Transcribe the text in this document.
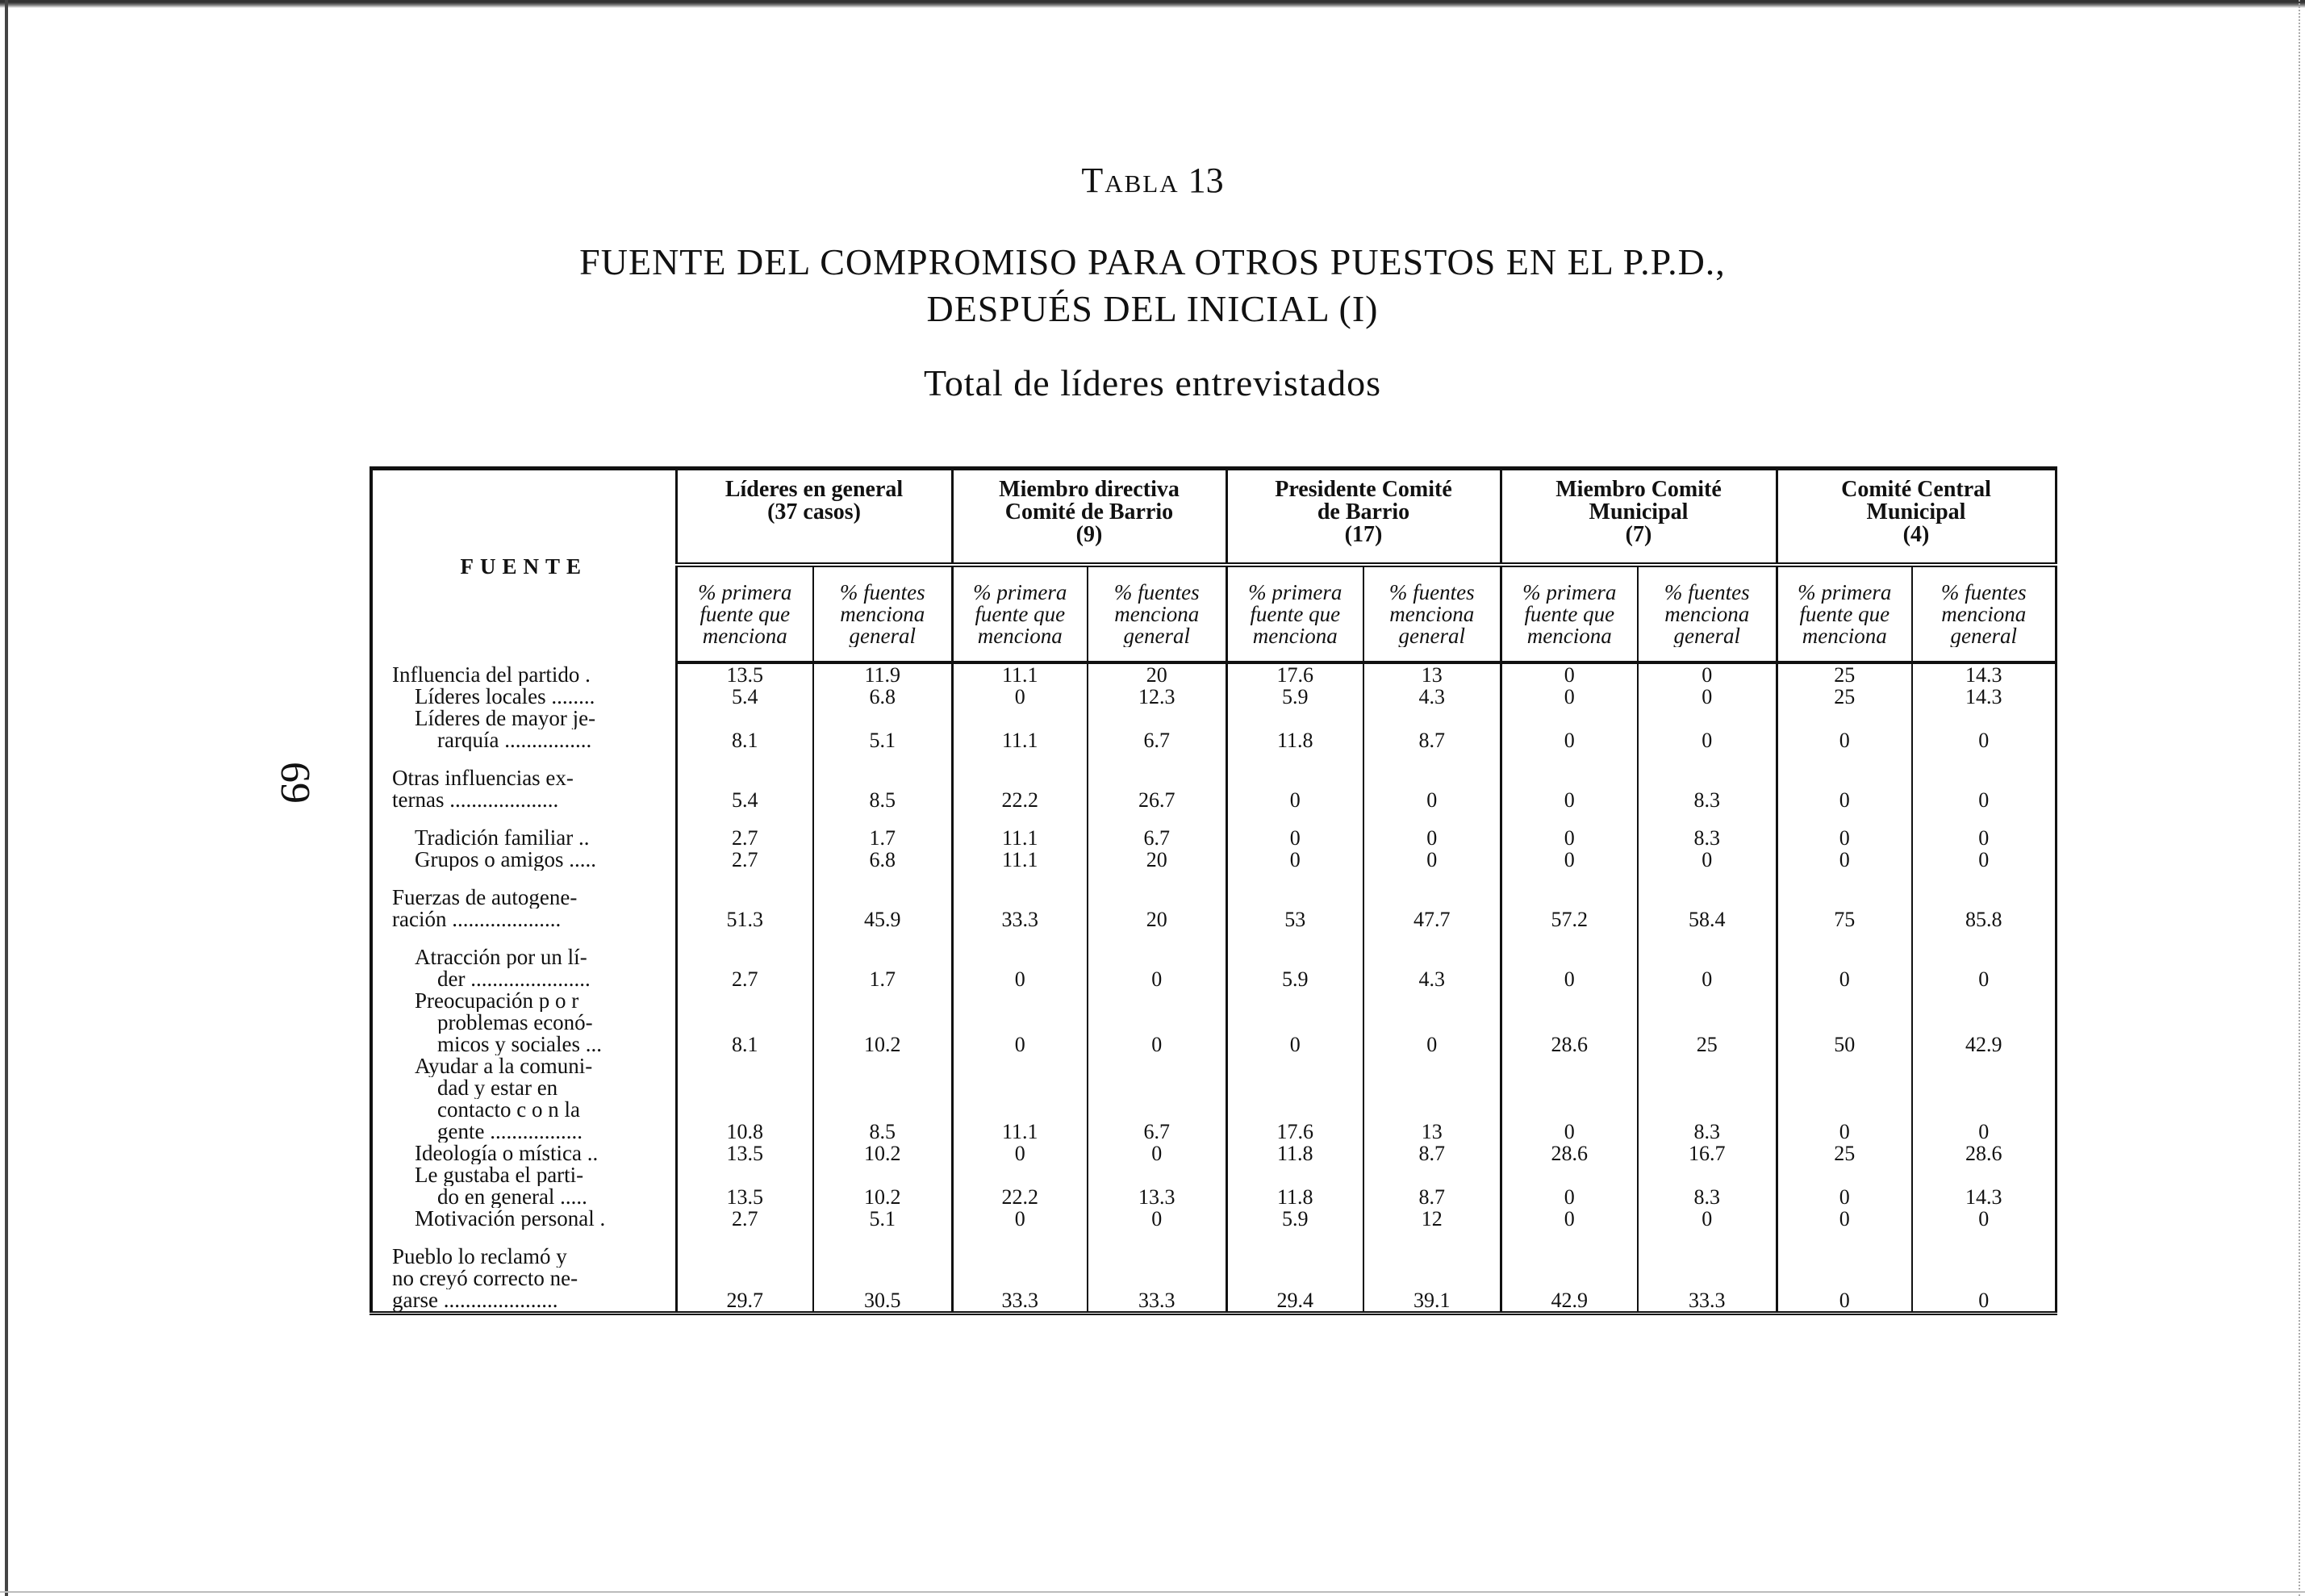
69
Tabla 13
FUENTE DEL COMPROMISO PARA OTROS PUESTOS EN EL P.P.D.,
DESPUÉS DEL INICIAL (I)
Total de líderes entrevistados
FUENTE	Líderes en general
(37 casos)		Miembro directiva
Comité de Barrio
(9)		Presidente Comité
de Barrio
(17)		Miembro Comité
Municipal
(7)		Comité Central
Municipal
(4)	

	% primera
fuente que
menciona	% fuentes
menciona
general	% primera
fuente que
menciona	% fuentes
menciona
general	% primera
fuente que
menciona	% fuentes
menciona
general	% primera
fuente que
menciona	% fuentes
menciona
general	% primera
fuente que
menciona	% fuentes
menciona
general

Influencia del partido .	13.5	11.9	11.1	20	17.6	13	0	0	25	14.3

Líderes locales ........	5.4	6.8	0	12.3	5.9	4.3	0	0	25	14.3

Líderes de mayor je-
rarquía ................	8.1	5.1	11.1	6.7	11.8	8.7	0	0	0	0

Otras influencias ex-
ternas ....................	5.4	8.5	22.2	26.7	0	0	0	8.3	0	0

Tradición familiar ..	2.7	1.7	11.1	6.7	0	0	0	8.3	0	0

Grupos o amigos .....	2.7	6.8	11.1	20	0	0	0	0	0	0

Fuerzas de autogene-
ración ....................	51.3	45.9	33.3	20	53	47.7	57.2	58.4	75	85.8

Atracción por un lí-
der ......................	2.7	1.7	0	0	5.9	4.3	0	0	0	0

Preocupación p o r
problemas econó-
micos y sociales ...	8.1	10.2	0	0	0	0	28.6	25	50	42.9

Ayudar a la comuni-
dad y estar en
contacto c o n la
gente .................	10.8	8.5	11.1	6.7	17.6	13	0	8.3	0	0

Ideología o mística ..	13.5	10.2	0	0	11.8	8.7	28.6	16.7	25	28.6

Le gustaba el parti-
do en general .....	13.5	10.2	22.2	13.3	11.8	8.7	0	8.3	0	14.3

Motivación personal .	2.7	5.1	0	0	5.9	12	0	0	0	0

Pueblo lo reclamó y
no creyó correcto ne-
garse .....................	29.7	30.5	33.3	33.3	29.4	39.1	42.9	33.3	0	0
